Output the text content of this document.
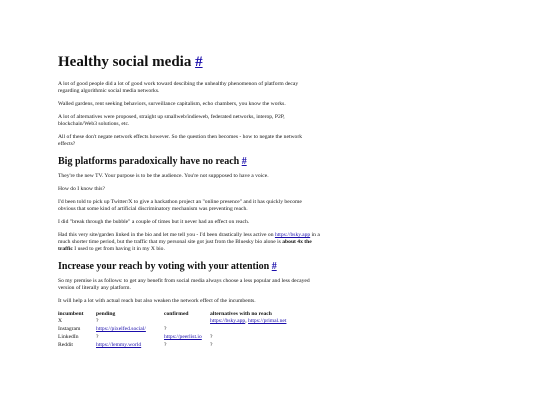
Healthy social media #

A lot of good people did a lot of good work toward descibing the unhealthy phenomenon of platform decay regarding algorithmic social media networks.

Walled gardens, rent seeking behaviors, surveillance capitalism, echo chambers, you know the works.

A lot of alternatives were proposed, straight up smallweb/indieweb, federated networks, interop, P2P, blockchain/Web3 solutions, etc.

All of these don't negate network effects however. So the question then becomes - how to negate the network effects?

Big platforms paradoxically have no reach #

They're the new TV. Your purpose is to be the audience. You're not suppposed to have a voice.

How do I know this?

I'd been told to pick up Twitter/X to give a hackathon project an "online presence" and it has quickly become obvious that some kind of artificial discriminatory mechanism was preventing reach.

I did "break through the bubble" a couple of times but it never had an effect on reach.

Had this very site/garden linked in the bio and let me tell you - I'd been drastically less active on https://bsky.app in a much shorter time period, but the traffic that my personal site got just from the Bluesky bio alone is about 4x the traffic I used to get from having it in my X bio.

Increase your reach by voting with your attention #

So my premise is as follows: to get any benefit from social media always choose a less popular and less decayed version of literally any platform.

It will help a lot with actual reach but also weaken the network effect of the incumbents.

incumbent	pending	confirmed	alternatives with no reach
X	?		https://bsky.app, https://primal.net
Instagram	https://pixelfed.social/	?	
LinkedIn	?	https://peerlist.io	?
Reddit	https://lemmy.world	?	?
